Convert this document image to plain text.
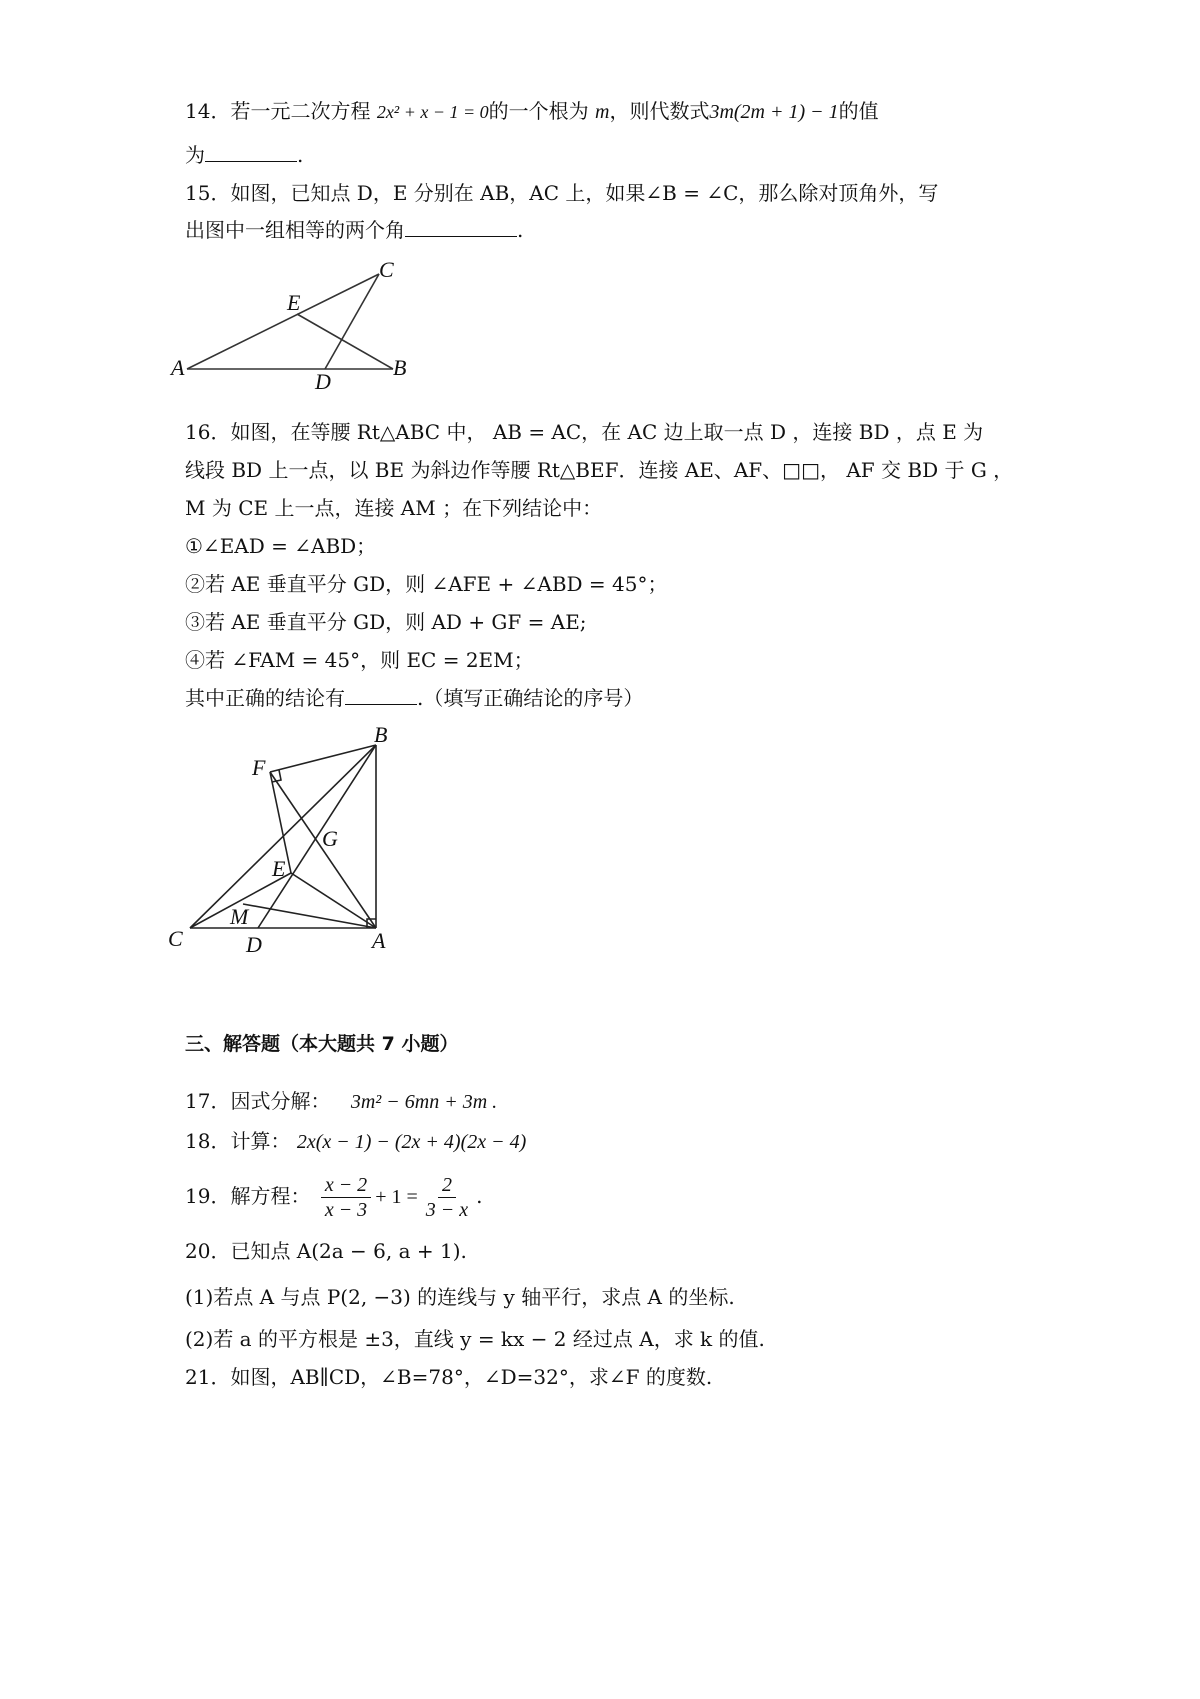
14．若一元二次方程 2x² + x − 1 = 0的一个根为 m，则代数式3m(2m + 1) − 1的值
为	.
15．如图，已知点 D，E 分别在 AB，AC 上，如果∠B = ∠C，那么除对顶角外，写
出图中一组相等的两个角	.
A	B
C
D
E
16．如图，在等腰 Rt△ABC 中， AB = AC，在 AC 边上取一点 D ，连接 BD ，点 E 为
线段 BD 上一点，以 BE 为斜边作等腰 Rt△BEF．连接 AE、AF、□□， AF 交 BD 于 G ，
M 为 CE 上一点，连接 AM ；在下列结论中：
①∠EAD = ∠ABD；
②若 AE 垂直平分 GD，则 ∠AFE + ∠ABD = 45°；
③若 AE 垂直平分 GD，则 AD + GF = AE;
④若 ∠FAM = 45°，则 EC = 2EM；
其中正确的结论有	.（填写正确结论的序号）
B
F
G
E
M
C	D	A
三、解答题（本大题共 7 小题）
17．因式分解： 3m² − 6mn + 3m .
18．计算： 2x(x − 1) − (2x + 4)(2x − 4)
19．解方程： $\frac{x - 2}{x - 3} + 1 = \frac{2}{3 - x}$ .
20．已知点 A(2a − 6, a + 1).
(1)若点 A 与点 P(2, −3) 的连线与 y 轴平行，求点 A 的坐标.
(2)若 a 的平方根是 ±3，直线 y = kx − 2 经过点 A，求 k 的值.
21．如图，AB∥CD，∠B=78°，∠D=32°，求∠F 的度数.
